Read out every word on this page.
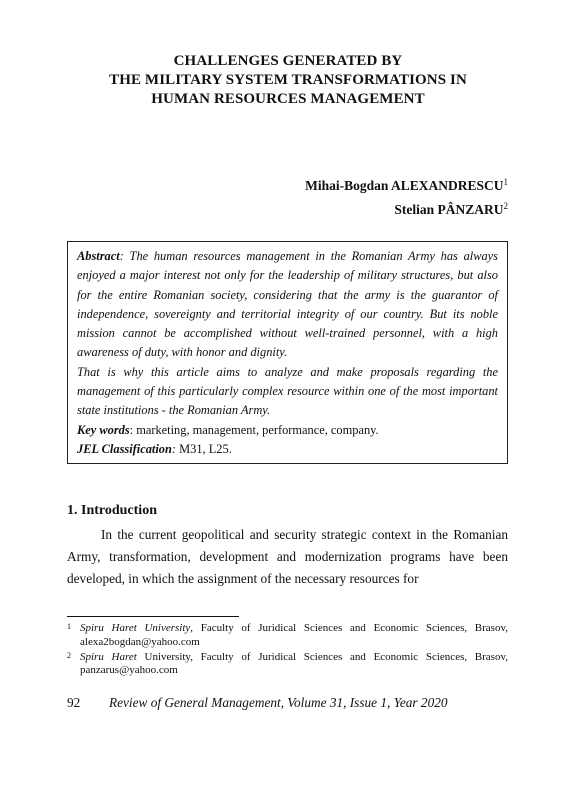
CHALLENGES GENERATED BY
THE MILITARY SYSTEM TRANSFORMATIONS IN
HUMAN RESOURCES MANAGEMENT
Mihai-Bogdan ALEXANDRESCU$^1$
Stelian PÂNZARU$^2$

Abstract: The human resources management in the Romanian Army has always enjoyed a major interest not only for the leadership of military structures, but also for the entire Romanian society, considering that the army is the guarantor of independence, sovereignty and territorial integrity of our country. But its noble mission cannot be accomplished without well-trained personnel, with a high awareness of duty, with honor and dignity.

That is why this article aims to analyze and make proposals regarding the management of this particularly complex resource within one of the most important state institutions - the Romanian Army.

Key words: marketing, management, performance, company.

JEL Classification: M31, L25.

1. Introduction

In the current geopolitical and security strategic context in the Romanian Army, transformation, development and modernization programs have been developed, in which the assignment of the necessary resources for

1 Spiru Haret University, Faculty of Juridical Sciences and Economic Sciences, Brasov, alexa2bogdan@yahoo.com
2 Spiru Haret University, Faculty of Juridical Sciences and Economic Sciences, Brasov, panzarus@yahoo.com
92 Review of General Management, Volume 31, Issue 1, Year 2020
